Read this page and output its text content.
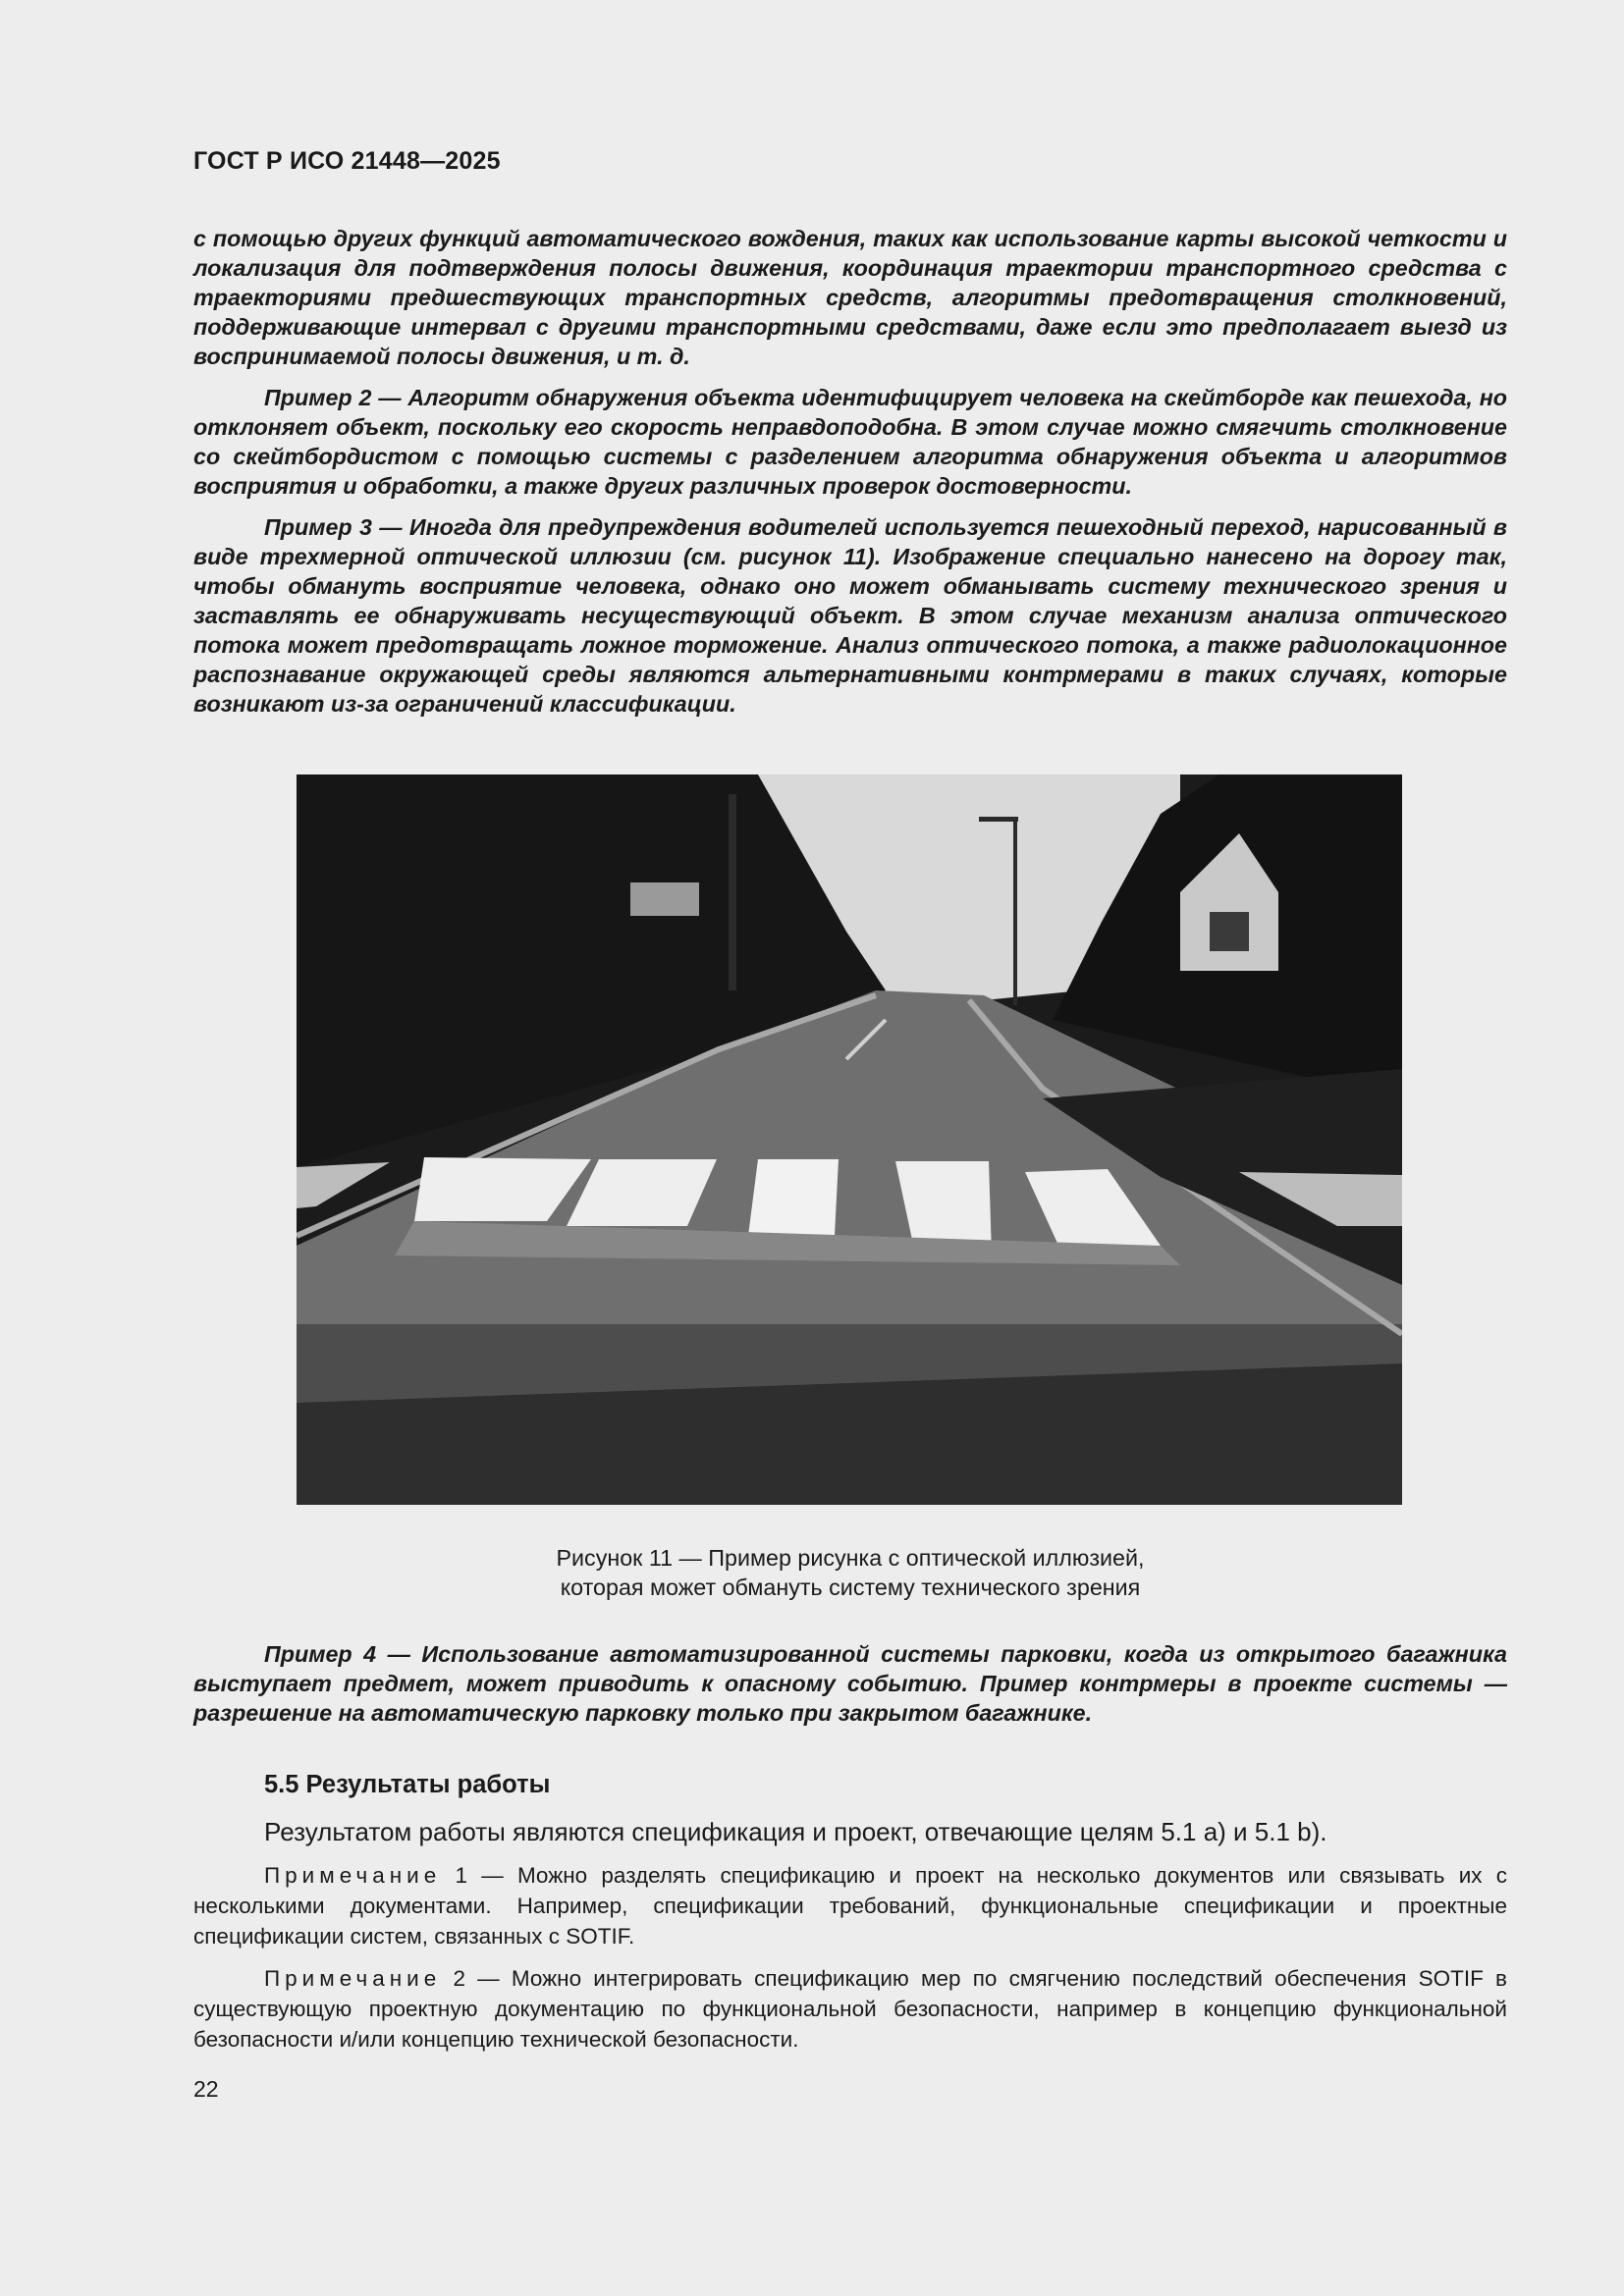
ГОСТ Р ИСО 21448—2025

с помощью других функций автоматического вождения, таких как использование карты высокой четкости и локализация для подтверждения полосы движения, координация траектории транспортного средства с траекториями предшествующих транспортных средств, алгоритмы предотвращения столкновений, поддерживающие интервал с другими транспортными средствами, даже если это предполагает выезд из воспринимаемой полосы движения, и т. д.

Пример 2 — Алгоритм обнаружения объекта идентифицирует человека на скейтборде как пешехода, но отклоняет объект, поскольку его скорость неправдоподобна. В этом случае можно смягчить столкновение со скейтбордистом с помощью системы с разделением алгоритма обнаружения объекта и алгоритмов восприятия и обработки, а также других различных проверок достоверности.

Пример 3 — Иногда для предупреждения водителей используется пешеходный переход, нарисованный в виде трехмерной оптической иллюзии (см. рисунок 11). Изображение специально нанесено на дорогу так, чтобы обмануть восприятие человека, однако оно может обманывать систему технического зрения и заставлять ее обнаруживать несуществующий объект. В этом случае механизм анализа оптического потока может предотвращать ложное торможение. Анализ оптического потока, а также радиолокационное распознавание окружающей среды являются альтернативными контрмерами в таких случаях, которые возникают из-за ограничений классификации.

Рисунок 11 — Пример рисунка с оптической иллюзией,
которая может обмануть систему технического зрения

Пример 4 — Использование автоматизированной системы парковки, когда из открытого багажника выступает предмет, может приводить к опасному событию. Пример контрмеры в проекте системы — разрешение на автоматическую парковку только при закрытом багажнике.

5.5 Результаты работы

Результатом работы являются спецификация и проект, отвечающие целям 5.1 a) и 5.1 b).

Примечание 1 — Можно разделять спецификацию и проект на несколько документов или связывать их с несколькими документами. Например, спецификации требований, функциональные спецификации и проектные спецификации систем, связанных с SOTIF.

Примечание 2 — Можно интегрировать спецификацию мер по смягчению последствий обеспечения SOTIF в существующую проектную документацию по функциональной безопасности, например в концепцию функциональной безопасности и/или концепцию технической безопасности.

22
